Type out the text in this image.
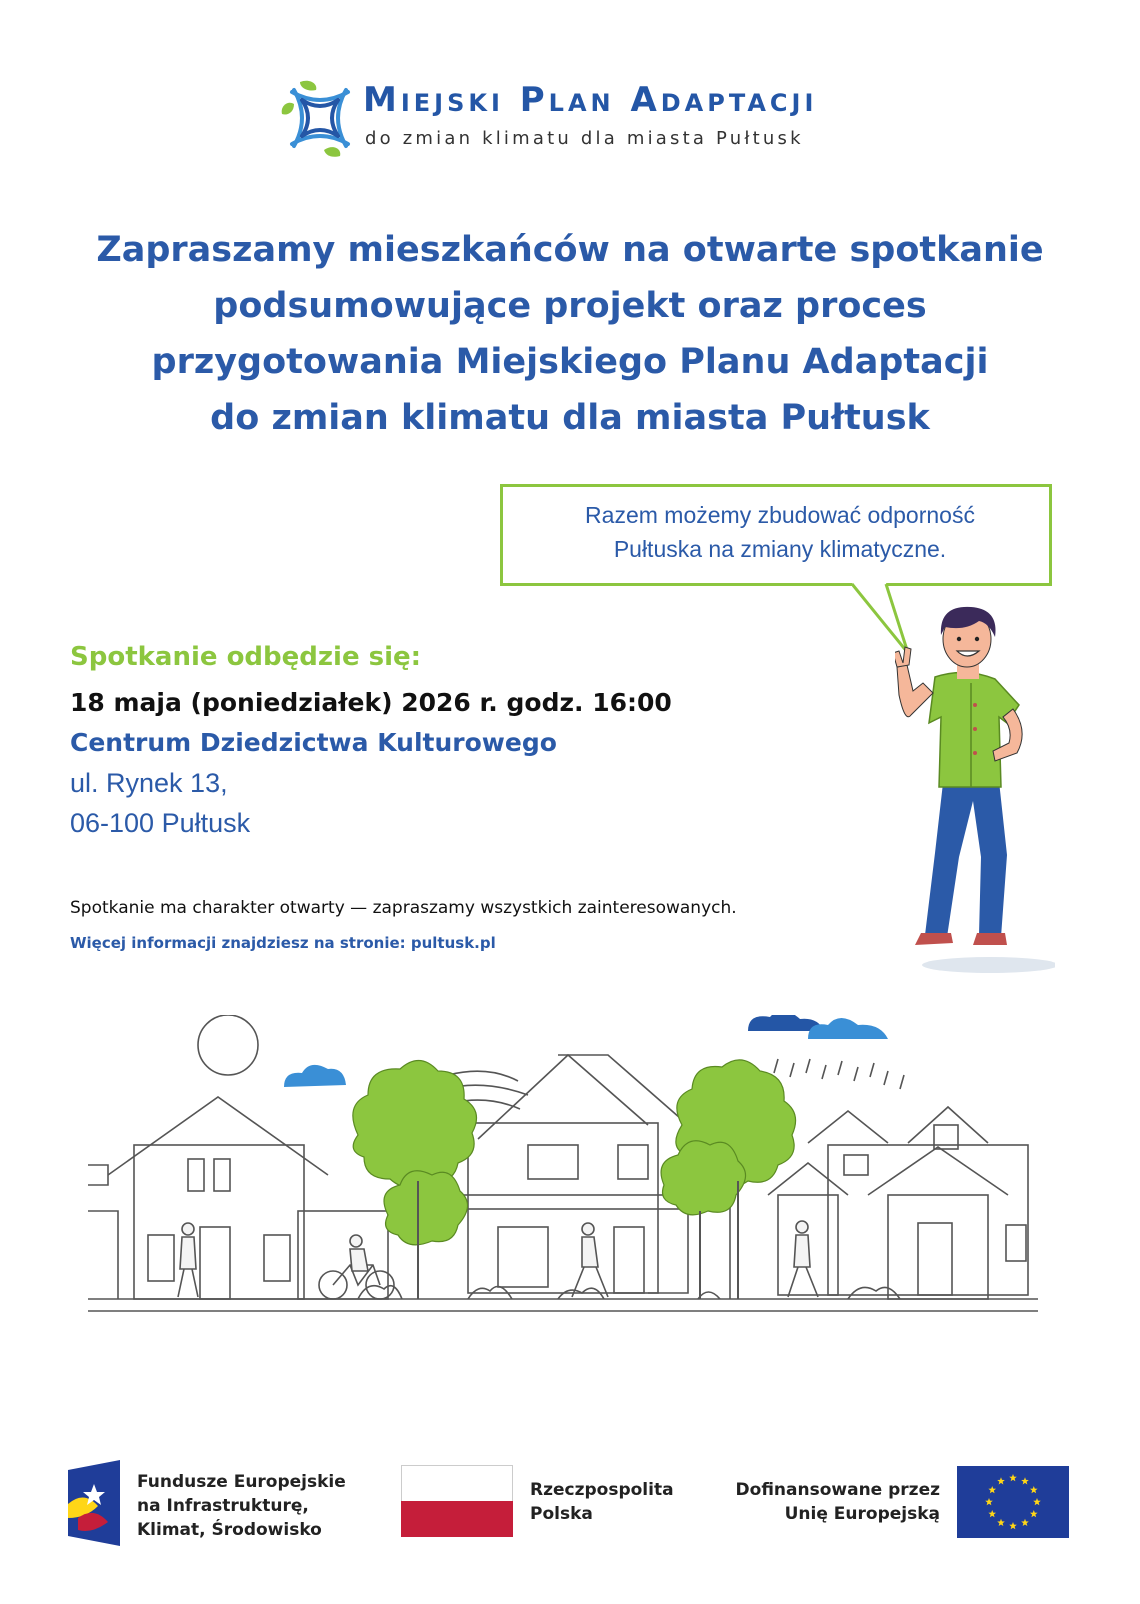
Miejski Plan Adaptacji
do zmian klimatu dla miasta Pułtusk
Zapraszamy mieszkańców na otwarte spotkanie
podsumowujące projekt oraz proces
przygotowania Miejskiego Planu Adaptacji
do zmian klimatu dla miasta Pułtusk
Razem możemy zbudować odporność
Pułtuska na zmiany klimatyczne.
Spotkanie odbędzie się:
18 maja (poniedziałek) 2026 r. godz. 16:00
Centrum Dziedzictwa Kulturowego
ul. Rynek 13,
06-100 Pułtusk
Spotkanie ma charakter otwarty — zapraszamy wszystkich zainteresowanych.
Więcej informacji znajdziesz na stronie: pultusk.pl
Fundusze Europejskie
na Infrastrukturę,
Klimat, Środowisko
Rzeczpospolita
Polska
Dofinansowane przez
Unię Europejską
